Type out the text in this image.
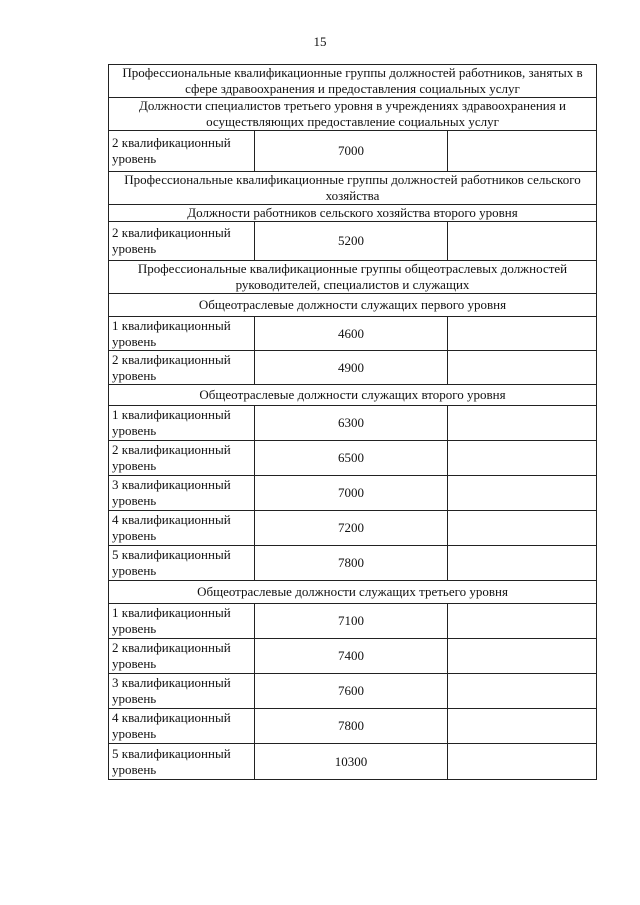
15
Профессиональные квалификационные группы должностей работников, занятых в сфере здравоохранения и предоставления социальных услуг		
Должности специалистов третьего уровня в учреждениях здравоохранения и осуществляющих предоставление социальных услуг		
2 квалификационный уровень	7000	
Профессиональные квалификационные группы должностей работников сельского хозяйства		
Должности работников сельского хозяйства второго уровня		
2 квалификационный уровень	5200	
Профессиональные квалификационные группы общеотраслевых должностей руководителей, специалистов и служащих		
Общеотраслевые должности служащих первого уровня		
1 квалификационный уровень	4600	
2 квалификационный уровень	4900	
Общеотраслевые должности служащих второго уровня		
1 квалификационный уровень	6300	
2 квалификационный уровень	6500	
3 квалификационный уровень	7000	
4 квалификационный уровень	7200	
5 квалификационный уровень	7800	
Общеотраслевые должности служащих третьего уровня		
1 квалификационный уровень	7100	
2 квалификационный уровень	7400	
3 квалификационный уровень	7600	
4 квалификационный уровень	7800	
5 квалификационный уровень	10300	
